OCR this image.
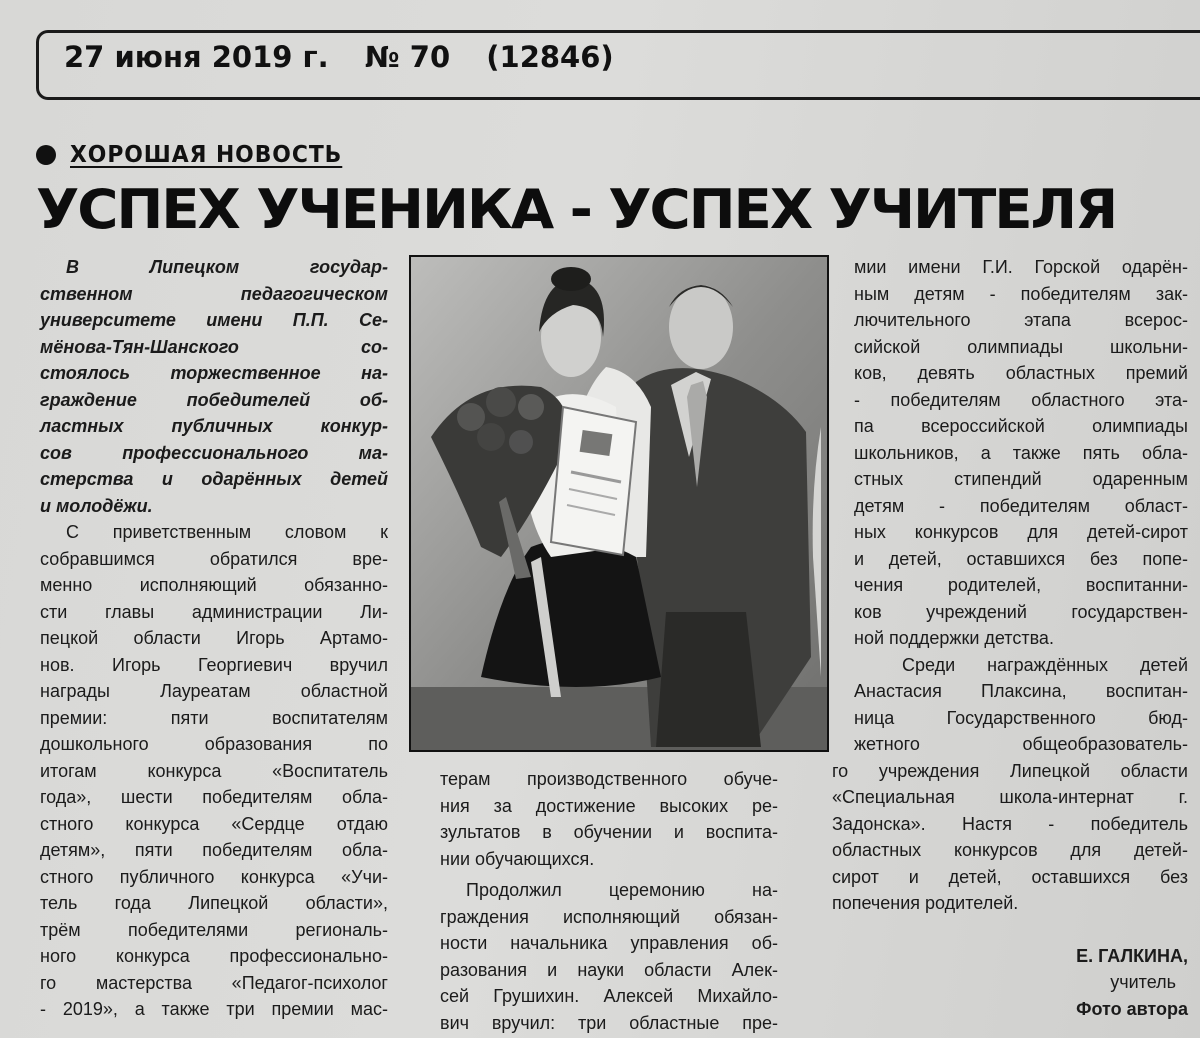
27 июня 2019 г. № 70 (12846)
ХОРОШАЯ НОВОСТЬ
УСПЕХ УЧЕНИКА - УСПЕХ УЧИТЕЛЯ
В Липецком государ-
ственном педагогическом
университете имени П.П. Се-
мёнова-Тян-Шанского со-
стоялось торжественное на-
граждение победителей об-
ластных публичных конкур-
сов профессионального ма-
стерства и одарённых детей
и молодёжи.
С приветственным словом к
собравшимся обратился вре-
менно исполняющий обязанно-
сти главы администрации Ли-
пецкой области Игорь Артамо-
нов. Игорь Георгиевич вручил
награды Лауреатам областной
премии: пяти воспитателям
дошкольного образования по
итогам конкурса «Воспитатель
года», шести победителям обла-
стного конкурса «Сердце отдаю
детям», пяти победителям обла-
стного публичного конкурса «Учи-
тель года Липецкой области»,
трём победителями региональ-
ного конкурса профессионально-
го мастерства «Педагог-психолог
- 2019», а также три премии мас-
терам производственного обуче-
ния за достижение высоких ре-
зультатов в обучении и воспита-
нии обучающихся.
Продолжил церемонию на-
граждения исполняющий обязан-
ности начальника управления об-
разования и науки области Алек-
сей Грушихин. Алексей Михайло-
вич вручил: три областные пре-
мии имени Г.И. Горской одарён-
ным детям - победителям зак-
лючительного этапа всерос-
сийской олимпиады школьни-
ков, девять областных премий
- победителям областного эта-
па всероссийской олимпиады
школьников, а также пять обла-
стных стипендий одаренным
детям - победителям област-
ных конкурсов для детей-сирот
и детей, оставшихся без попе-
чения родителей, воспитанни-
ков учреждений государствен-
ной поддержки детства.
Среди награждённых детей
Анастасия Плаксина, воспитан-
ница Государственного бюд-
жетного общеобразователь-
го учреждения Липецкой области
«Специальная школа-интернат г.
Задонска». Настя - победитель
областных конкурсов для детей-
сирот и детей, оставшихся без
попечения родителей.
Е. ГАЛКИНА,
учитель
Фото автора
